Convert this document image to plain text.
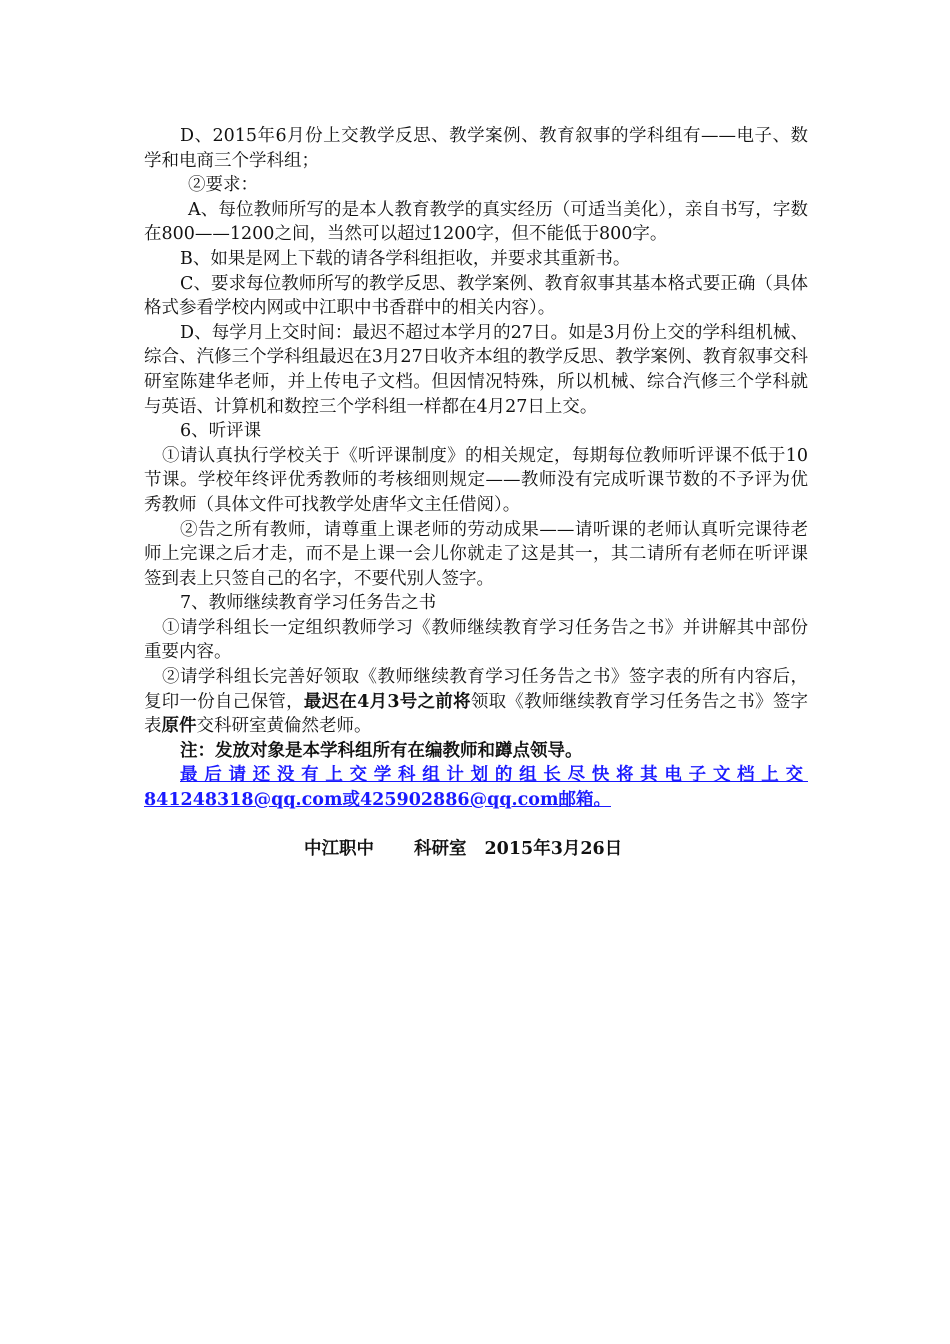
D、2015年6月份上交教学反思、教学案例、教育叙事的学科组有——电子、数学和电商三个学科组；

②要求：

A、每位教师所写的是本人教育教学的真实经历（可适当美化），亲自书写，字数在800——1200之间，当然可以超过1200字，但不能低于800字。

B、如果是网上下载的请各学科组拒收，并要求其重新书。

C、要求每位教师所写的教学反思、教学案例、教育叙事其基本格式要正确（具体格式参看学校内网或中江职中书香群中的相关内容）。

D、每学月上交时间：最迟不超过本学月的27日。如是3月份上交的学科组机械、综合、汽修三个学科组最迟在3月27日收齐本组的教学反思、教学案例、教育叙事交科研室陈建华老师，并上传电子文档。但因情况特殊，所以机械、综合汽修三个学科就与英语、计算机和数控三个学科组一样都在4月27日上交。

6、听评课

①请认真执行学校关于《听评课制度》的相关规定，每期每位教师听评课不低于10节课。学校年终评优秀教师的考核细则规定——教师没有完成听课节数的不予评为优秀教师（具体文件可找教学处唐华文主任借阅）。

②告之所有教师，请尊重上课老师的劳动成果——请听课的老师认真听完课待老师上完课之后才走，而不是上课一会儿你就走了这是其一，其二请所有老师在听评课签到表上只签自己的名字，不要代别人签字。

7、教师继续教育学习任务告之书

①请学科组长一定组织教师学习《教师继续教育学习任务告之书》并讲解其中部份重要内容。

②请学科组长完善好领取《教师继续教育学习任务告之书》签字表的所有内容后，复印一份自己保管，最迟在4月3号之前将领取《教师继续教育学习任务告之书》签字表原件交科研室黄倫然老师。

注：发放对象是本学科组所有在编教师和蹲点领导。

最后请还没有上交学科组计划的组长尽快将其电子文档上交841248318@qq.com或425902886@qq.com邮箱。

中江职中 科研室 2015年3月26日
